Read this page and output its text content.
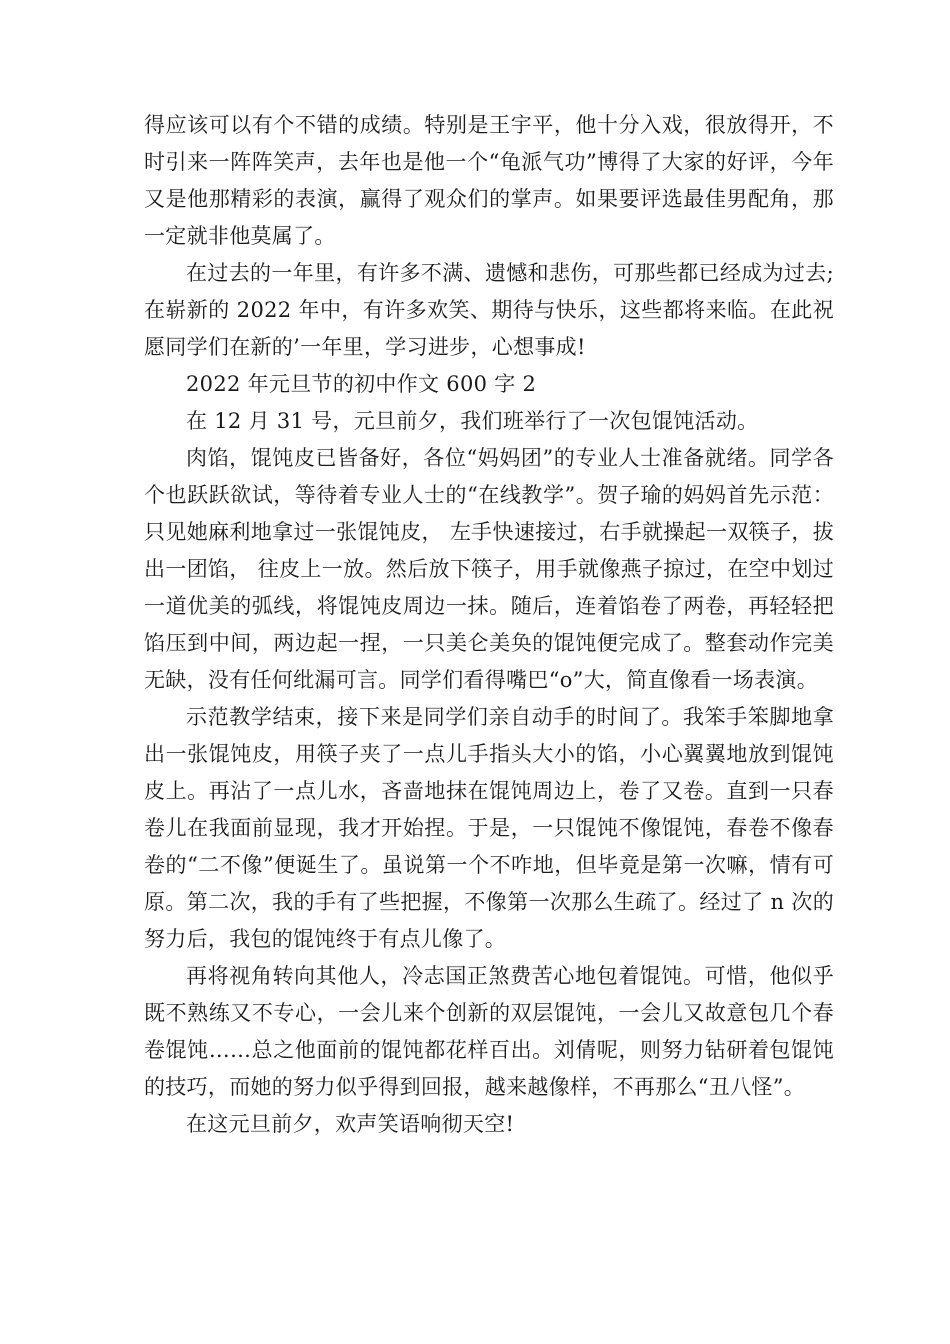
得应该可以有个不错的成绩。特别是王宇平，他十分入戏，很放得开，不时引来一阵阵笑声，去年也是他一个“龟派气功”博得了大家的好评，今年又是他那精彩的表演，赢得了观众们的掌声。如果要评选最佳男配角，那一定就非他莫属了。

在过去的一年里，有许多不满、遗憾和悲伤，可那些都已经成为过去;在崭新的 2022 年中，有许多欢笑、期待与快乐，这些都将来临。在此祝愿同学们在新的’一年里，学习进步，心想事成!

2022 年元旦节的初中作文 600 字 2

在 12 月 31 号，元旦前夕，我们班举行了一次包馄饨活动。

肉馅，馄饨皮已皆备好，各位“妈妈团”的专业人士准备就绪。同学各个也跃跃欲试，等待着专业人士的“在线教学”。贺子瑜的妈妈首先示范：只见她麻利地拿过一张馄饨皮， 左手快速接过，右手就操起一双筷子，拔出一团馅， 往皮上一放。然后放下筷子，用手就像燕子掠过，在空中划过一道优美的弧线，将馄饨皮周边一抹。随后，连着馅卷了两卷，再轻轻把馅压到中间，两边起一捏，一只美仑美奂的馄饨便完成了。整套动作完美无缺，没有任何纰漏可言。同学们看得嘴巴“o”大，简直像看一场表演。

示范教学结束，接下来是同学们亲自动手的时间了。我笨手笨脚地拿出一张馄饨皮，用筷子夹了一点儿手指头大小的馅，小心翼翼地放到馄饨皮上。再沾了一点儿水，吝啬地抹在馄饨周边上，卷了又卷。直到一只春卷儿在我面前显现，我才开始捏。于是，一只馄饨不像馄饨，春卷不像春卷的“二不像”便诞生了。虽说第一个不咋地，但毕竟是第一次嘛，情有可原。第二次，我的手有了些把握，不像第一次那么生疏了。经过了 n 次的努力后，我包的馄饨终于有点儿像了。

再将视角转向其他人，冷志国正煞费苦心地包着馄饨。可惜，他似乎既不熟练又不专心，一会儿来个创新的双层馄饨，一会儿又故意包几个春卷馄饨……总之他面前的馄饨都花样百出。刘倩呢，则努力钻研着包馄饨的技巧，而她的努力似乎得到回报，越来越像样，不再那么“丑八怪”。

在这元旦前夕，欢声笑语响彻天空!
